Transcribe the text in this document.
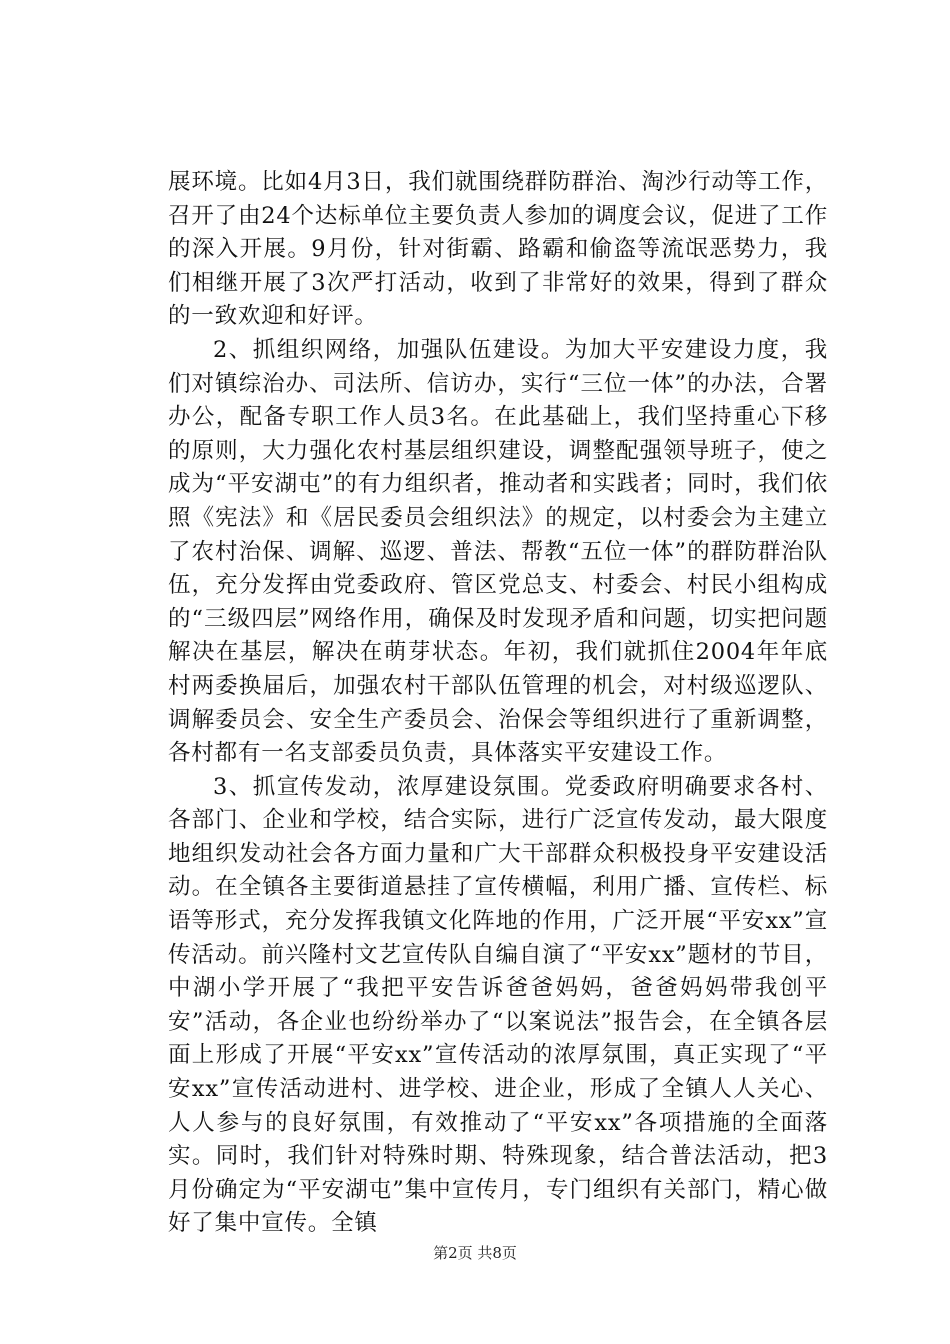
展环境。比如4月3日，我们就围绕群防群治、淘沙行动等工作，召开了由24个达标单位主要负责人参加的调度会议，促进了工作的深入开展。9月份，针对街霸、路霸和偷盗等流氓恶势力，我们相继开展了3次严打活动，收到了非常好的效果，得到了群众的一致欢迎和好评。

2、抓组织网络，加强队伍建设。为加大平安建设力度，我们对镇综治办、司法所、信访办，实行“三位一体”的办法，合署办公，配备专职工作人员3名。在此基础上，我们坚持重心下移的原则，大力强化农村基层组织建设，调整配强领导班子，使之成为“平安湖屯”的有力组织者，推动者和实践者；同时，我们依照《宪法》和《居民委员会组织法》的规定，以村委会为主建立了农村治保、调解、巡逻、普法、帮教“五位一体”的群防群治队伍，充分发挥由党委政府、管区党总支、村委会、村民小组构成的“三级四层”网络作用，确保及时发现矛盾和问题，切实把问题解决在基层，解决在萌芽状态。年初，我们就抓住2004年年底村两委换届后，加强农村干部队伍管理的机会，对村级巡逻队、调解委员会、安全生产委员会、治保会等组织进行了重新调整，各村都有一名支部委员负责，具体落实平安建设工作。

3、抓宣传发动，浓厚建设氛围。党委政府明确要求各村、各部门、企业和学校，结合实际，进行广泛宣传发动，最大限度地组织发动社会各方面力量和广大干部群众积极投身平安建设活动。在全镇各主要街道悬挂了宣传横幅，利用广播、宣传栏、标语等形式，充分发挥我镇文化阵地的作用，广泛开展“平安xx”宣传活动。前兴隆村文艺宣传队自编自演了“平安xx”题材的节目，中湖小学开展了“我把平安告诉爸爸妈妈，爸爸妈妈带我创平安”活动，各企业也纷纷举办了“以案说法”报告会，在全镇各层面上形成了开展“平安xx”宣传活动的浓厚氛围，真正实现了“平安xx”宣传活动进村、进学校、进企业，形成了全镇人人关心、人人参与的良好氛围，有效推动了“平安xx”各项措施的全面落实。同时，我们针对特殊时期、特殊现象，结合普法活动，把3月份确定为“平安湖屯”集中宣传月，专门组织有关部门，精心做好了集中宣传。全镇

第2页 共8页
